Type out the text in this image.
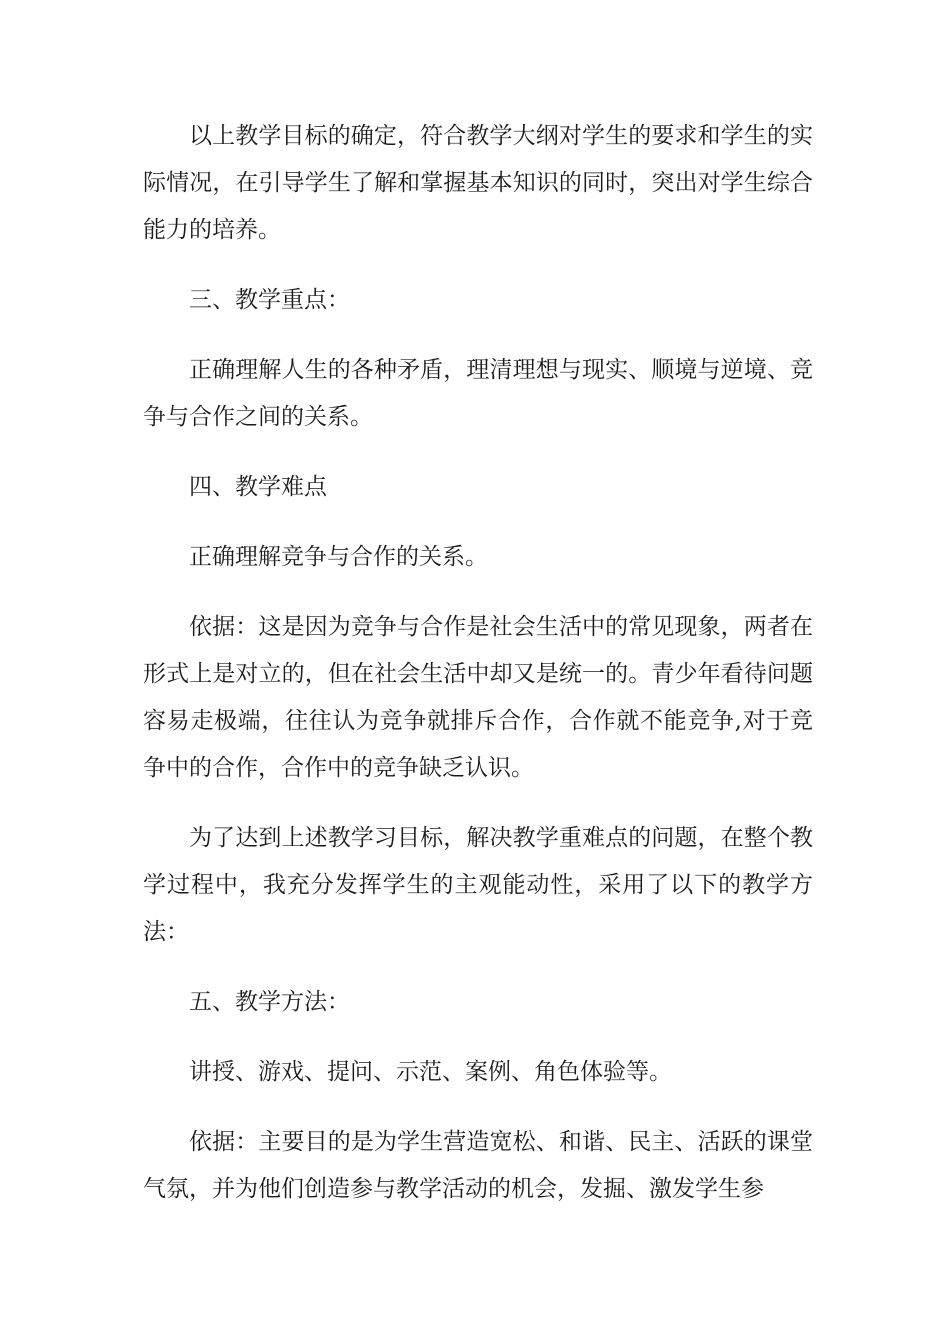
以上教学目标的确定，符合教学大纲对学生的要求和学生的实际情况，在引导学生了解和掌握基本知识的同时，突出对学生综合能力的培养。

三、教学重点：

正确理解人生的各种矛盾，理清理想与现实、顺境与逆境、竞争与合作之间的关系。

四、教学难点

正确理解竞争与合作的关系。

依据：这是因为竞争与合作是社会生活中的常见现象，两者在形式上是对立的，但在社会生活中却又是统一的。青少年看待问题容易走极端，往往认为竞争就排斥合作，合作就不能竞争,对于竞争中的合作，合作中的竞争缺乏认识。

为了达到上述教学习目标，解决教学重难点的问题，在整个教学过程中，我充分发挥学生的主观能动性，采用了以下的教学方法：

五、教学方法：

讲授、游戏、提问、示范、案例、角色体验等。

依据：主要目的是为学生营造宽松、和谐、民主、活跃的课堂气氛，并为他们创造参与教学活动的机会，发掘、激发学生参
